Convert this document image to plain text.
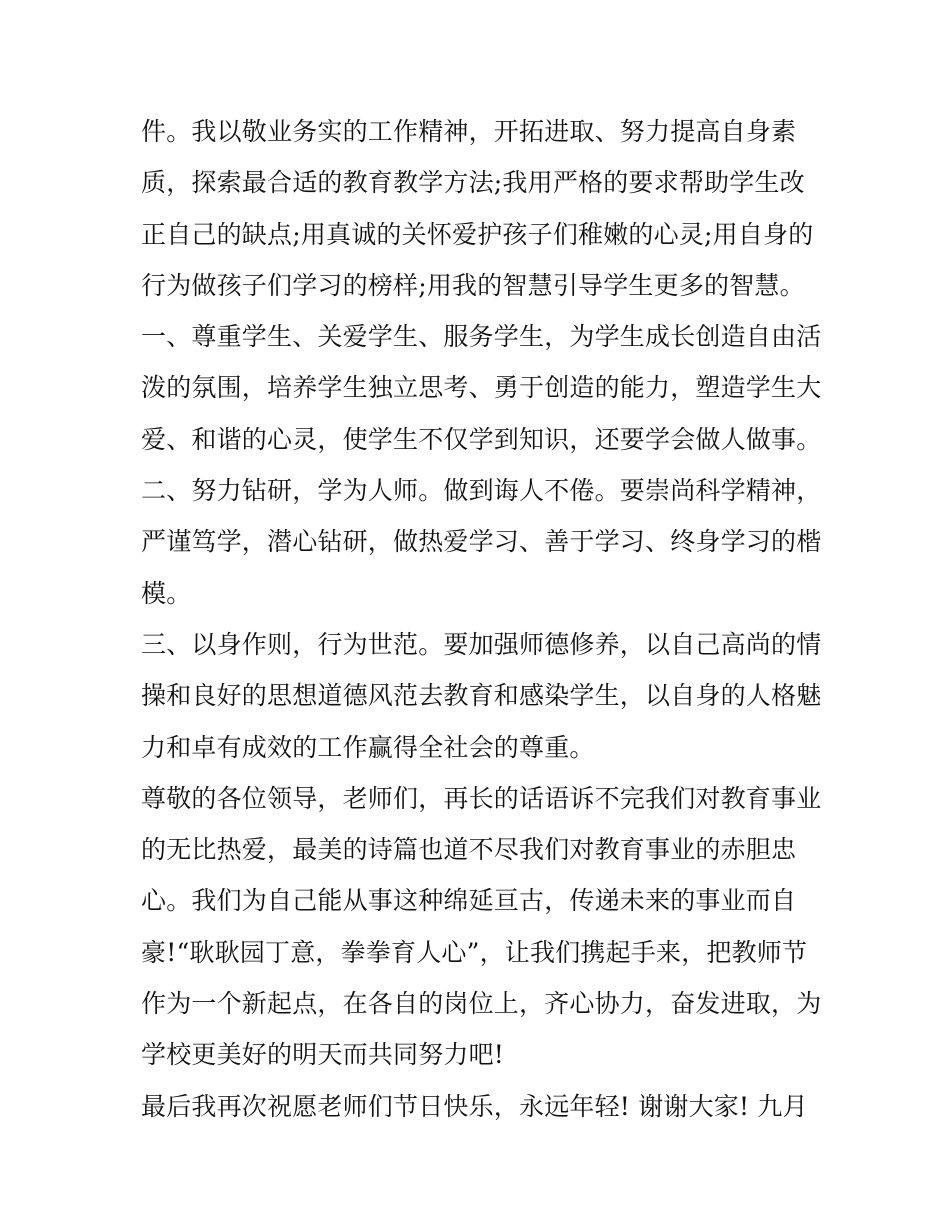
件。我以敬业务实的工作精神，开拓进取、努力提高自身素
质，探索最合适的教育教学方法;我用严格的要求帮助学生改
正自己的缺点;用真诚的关怀爱护孩子们稚嫩的心灵;用自身的
行为做孩子们学习的榜样;用我的智慧引导学生更多的智慧。
一、尊重学生、关爱学生、服务学生，为学生成长创造自由活
泼的氛围，培养学生独立思考、勇于创造的能力，塑造学生大
爱、和谐的心灵，使学生不仅学到知识，还要学会做人做事。
二、努力钻研，学为人师。做到诲人不倦。要崇尚科学精神，
严谨笃学，潜心钻研，做热爱学习、善于学习、终身学习的楷
模。
三、以身作则，行为世范。要加强师德修养，以自己高尚的情
操和良好的思想道德风范去教育和感染学生，以自身的人格魅
力和卓有成效的工作赢得全社会的尊重。
尊敬的各位领导，老师们，再长的话语诉不完我们对教育事业
的无比热爱，最美的诗篇也道不尽我们对教育事业的赤胆忠
心。我们为自己能从事这种绵延亘古，传递未来的事业而自
豪!“耿耿园丁意，拳拳育人心”，让我们携起手来，把教师节
作为一个新起点，在各自的岗位上，齐心协力，奋发进取，为
学校更美好的明天而共同努力吧!
最后我再次祝愿老师们节日快乐，永远年轻! 谢谢大家! 九月
